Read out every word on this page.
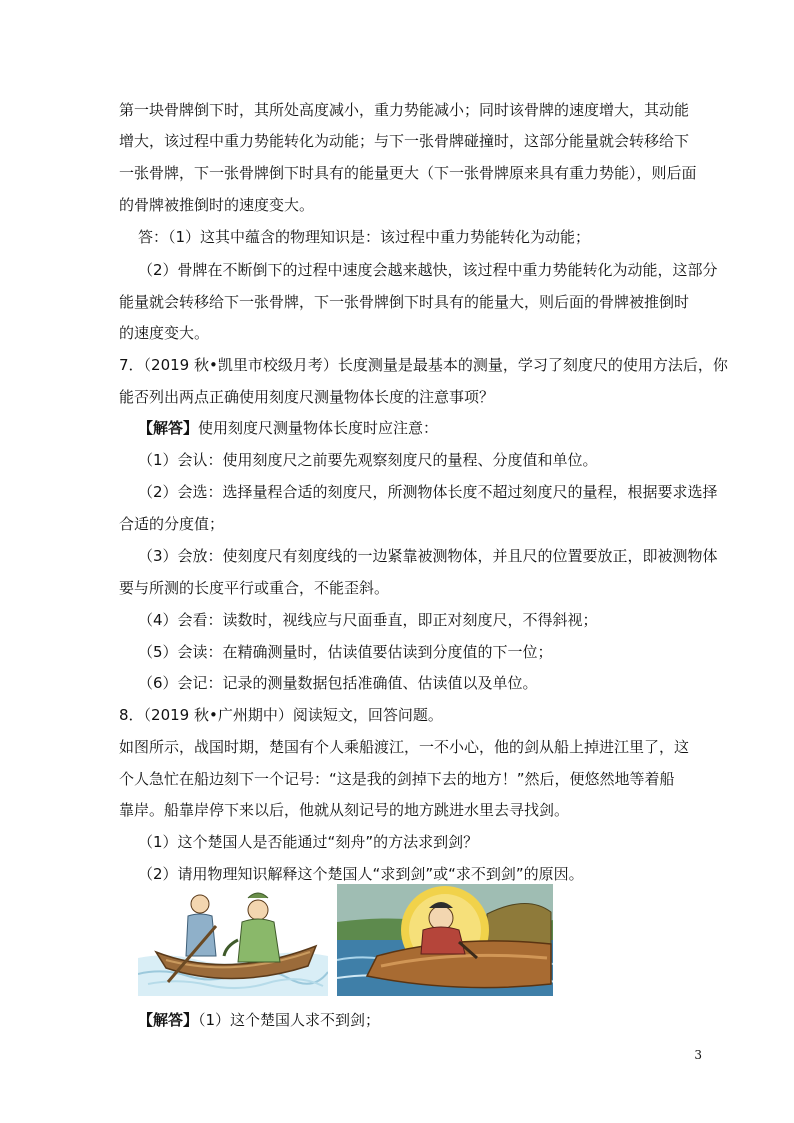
第一块骨牌倒下时，其所处高度减小，重力势能减小；同时该骨牌的速度增大，其动能
增大，该过程中重力势能转化为动能；与下一张骨牌碰撞时，这部分能量就会转移给下
一张骨牌，下一张骨牌倒下时具有的能量更大（下一张骨牌原来具有重力势能），则后面
的骨牌被推倒时的速度变大。
答：（1）这其中蕴含的物理知识是：该过程中重力势能转化为动能；
（2）骨牌在不断倒下的过程中速度会越来越快，该过程中重力势能转化为动能，这部分
能量就会转移给下一张骨牌，下一张骨牌倒下时具有的能量大，则后面的骨牌被推倒时
的速度变大。
7．（2019 秋•凯里市校级月考）长度测量是最基本的测量，学习了刻度尺的使用方法后，你
能否列出两点正确使用刻度尺测量物体长度的注意事项？
【解答】使用刻度尺测量物体长度时应注意：
（1）会认：使用刻度尺之前要先观察刻度尺的量程、分度值和单位。
（2）会选：选择量程合适的刻度尺，所测物体长度不超过刻度尺的量程，根据要求选择
合适的分度值；
（3）会放：使刻度尺有刻度线的一边紧靠被测物体，并且尺的位置要放正，即被测物体
要与所测的长度平行或重合，不能歪斜。
（4）会看：读数时，视线应与尺面垂直，即正对刻度尺，不得斜视；
（5）会读：在精确测量时，估读值要估读到分度值的下一位；
（6）会记：记录的测量数据包括准确值、估读值以及单位。
8．（2019 秋•广州期中）阅读短文，回答问题。
如图所示，战国时期，楚国有个人乘船渡江，一不小心，他的剑从船上掉进江里了，这
个人急忙在船边刻下一个记号：“这是我的剑掉下去的地方！”然后，便悠然地等着船
靠岸。船靠岸停下来以后，他就从刻记号的地方跳进水里去寻找剑。
（1）这个楚国人是否能通过“刻舟”的方法求到剑？
（2）请用物理知识解释这个楚国人“求到剑”或“求不到剑”的原因。
【解答】（1）这个楚国人求不到剑；
3
